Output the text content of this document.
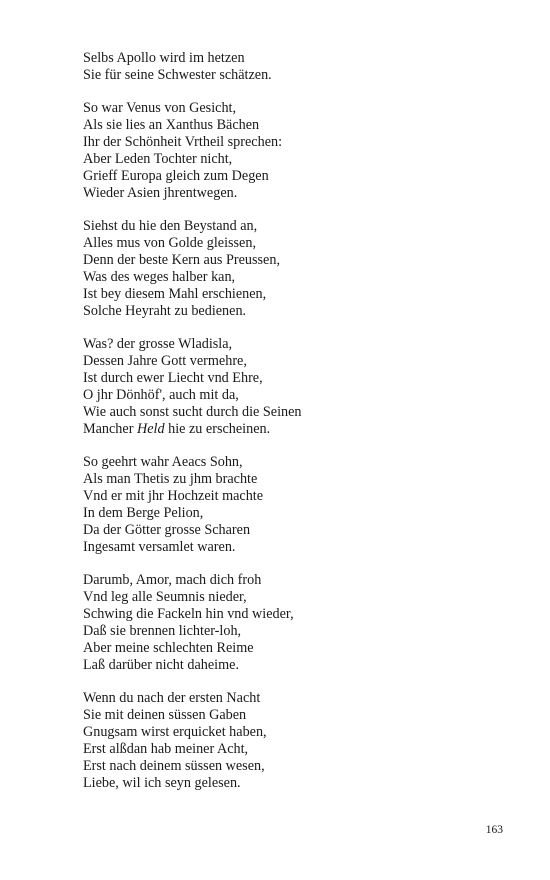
Selbs Apollo wird im hetzen
Sie für seine Schwester schätzen.
So war Venus von Gesicht,
Als sie lies an Xanthus Bächen
Ihr der Schönheit Vrtheil sprechen:
Aber Leden Tochter nicht,
Grieff Europa gleich zum Degen
Wieder Asien jhrentwegen.
Siehst du hie den Beystand an,
Alles mus von Golde gleissen,
Denn der beste Kern aus Preussen,
Was des weges halber kan,
Ist bey diesem Mahl erschienen,
Solche Heyraht zu bedienen.
Was? der grosse Wladisla,
Dessen Jahre Gott vermehre,
Ist durch ewer Liecht vnd Ehre,
O jhr Dönhöf', auch mit da,
Wie auch sonst sucht durch die Seinen
Mancher Held hie zu erscheinen.
So geehrt wahr Aeacs Sohn,
Als man Thetis zu jhm brachte
Vnd er mit jhr Hochzeit machte
In dem Berge Pelion,
Da der Götter grosse Scharen
Ingesamt versamlet waren.
Darumb, Amor, mach dich froh
Vnd leg alle Seumnis nieder,
Schwing die Fackeln hin vnd wieder,
Daß sie brennen lichter-loh,
Aber meine schlechten Reime
Laß darüber nicht daheime.
Wenn du nach der ersten Nacht
Sie mit deinen süssen Gaben
Gnugsam wirst erquicket haben,
Erst alßdan hab meiner Acht,
Erst nach deinem süssen wesen,
Liebe, wil ich seyn gelesen.
163
